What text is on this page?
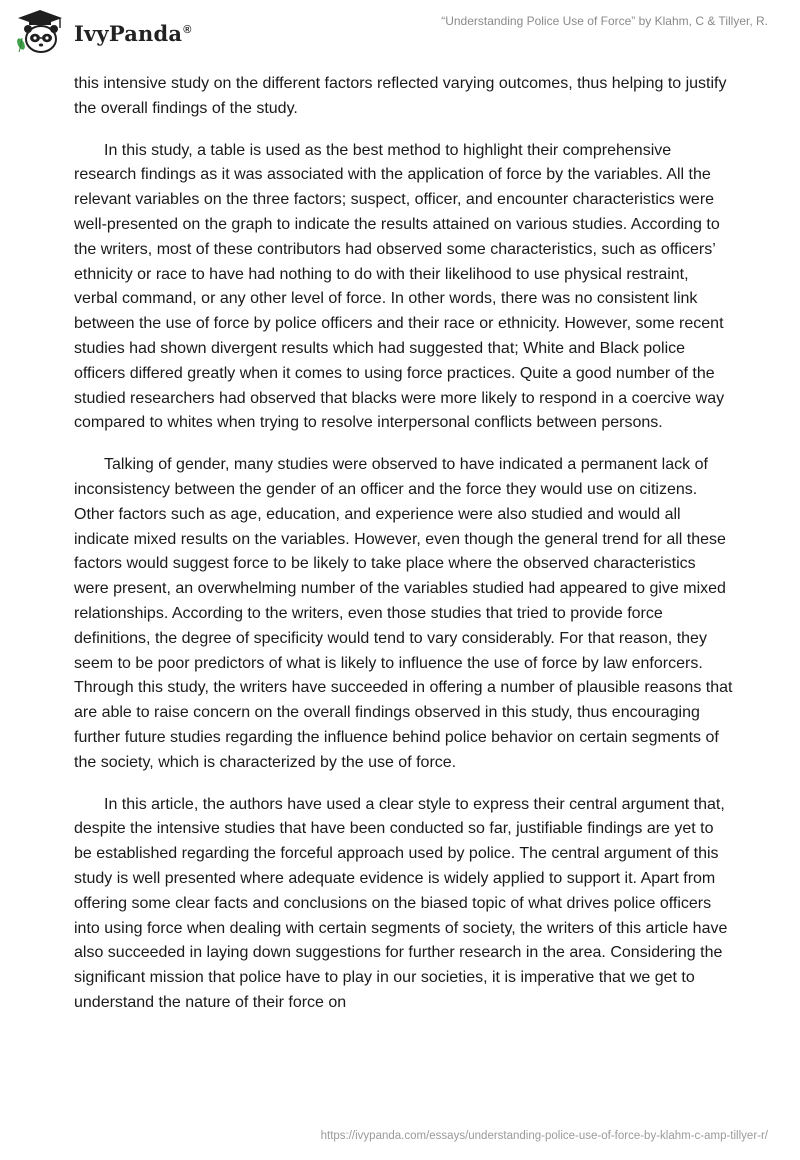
IvyPanda®
“Understanding Police Use of Force” by Klahm, C & Tillyer, R.

this intensive study on the different factors reflected varying outcomes, thus helping to justify the overall findings of the study.

In this study, a table is used as the best method to highlight their comprehensive research findings as it was associated with the application of force by the variables. All the relevant variables on the three factors; suspect, officer, and encounter characteristics were well-presented on the graph to indicate the results attained on various studies. According to the writers, most of these contributors had observed some characteristics, such as officers’ ethnicity or race to have had nothing to do with their likelihood to use physical restraint, verbal command, or any other level of force. In other words, there was no consistent link between the use of force by police officers and their race or ethnicity. However, some recent studies had shown divergent results which had suggested that; White and Black police officers differed greatly when it comes to using force practices. Quite a good number of the studied researchers had observed that blacks were more likely to respond in a coercive way compared to whites when trying to resolve interpersonal conflicts between persons.

Talking of gender, many studies were observed to have indicated a permanent lack of inconsistency between the gender of an officer and the force they would use on citizens. Other factors such as age, education, and experience were also studied and would all indicate mixed results on the variables. However, even though the general trend for all these factors would suggest force to be likely to take place where the observed characteristics were present, an overwhelming number of the variables studied had appeared to give mixed relationships. According to the writers, even those studies that tried to provide force definitions, the degree of specificity would tend to vary considerably. For that reason, they seem to be poor predictors of what is likely to influence the use of force by law enforcers. Through this study, the writers have succeeded in offering a number of plausible reasons that are able to raise concern on the overall findings observed in this study, thus encouraging further future studies regarding the influence behind police behavior on certain segments of the society, which is characterized by the use of force.

In this article, the authors have used a clear style to express their central argument that, despite the intensive studies that have been conducted so far, justifiable findings are yet to be established regarding the forceful approach used by police. The central argument of this study is well presented where adequate evidence is widely applied to support it. Apart from offering some clear facts and conclusions on the biased topic of what drives police officers into using force when dealing with certain segments of society, the writers of this article have also succeeded in laying down suggestions for further research in the area. Considering the significant mission that police have to play in our societies, it is imperative that we get to understand the nature of their force on

https://ivypanda.com/essays/understanding-police-use-of-force-by-klahm-c-amp-tillyer-r/
